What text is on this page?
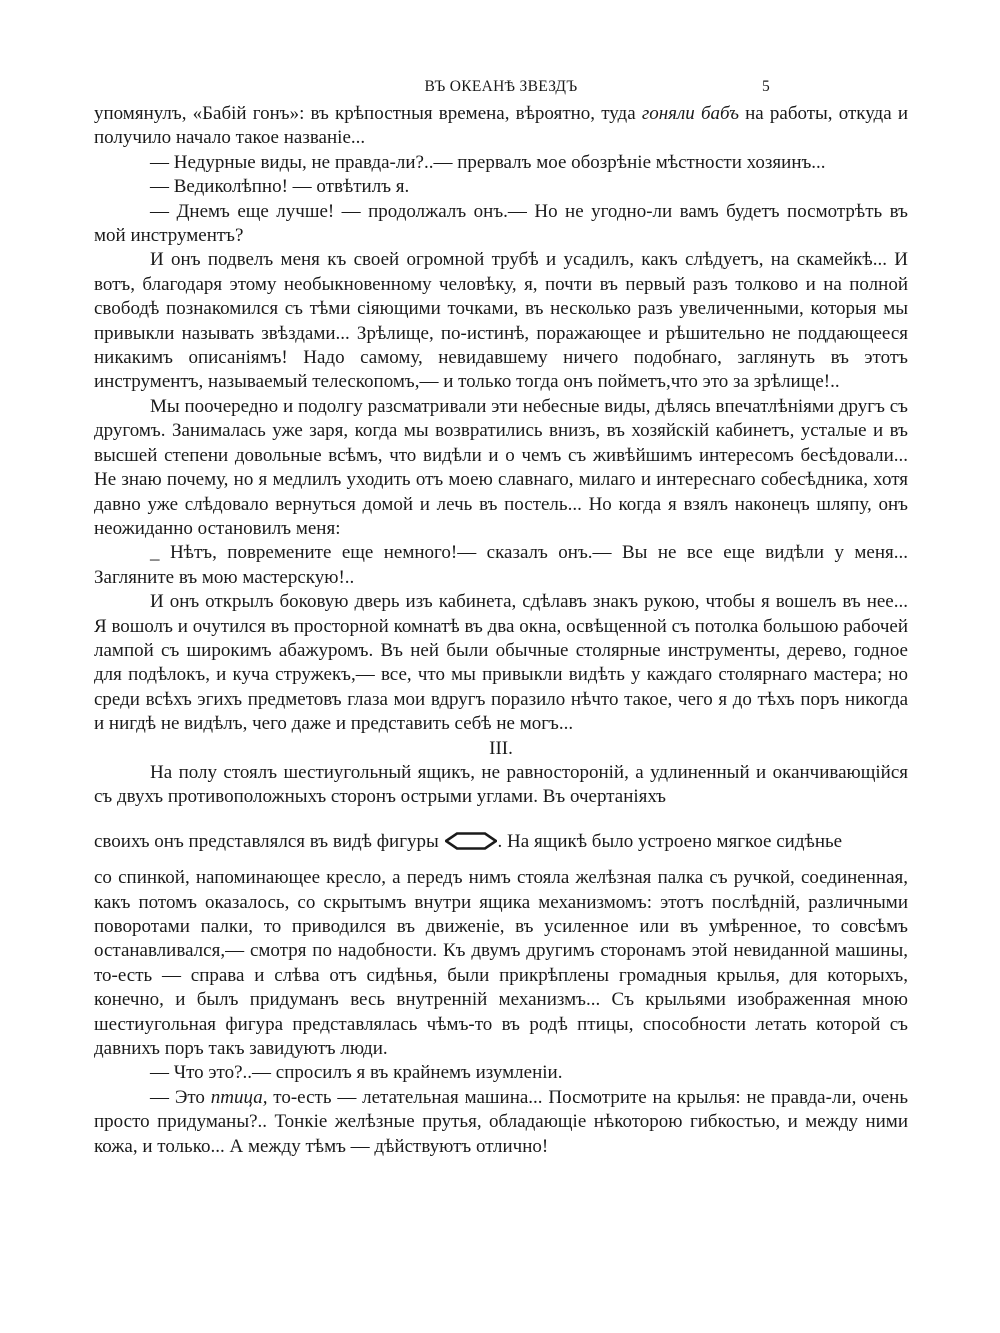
ВЪ ОКЕАНѢ ЗВЕЗДЪ	5

упомянулъ, «Бабій гонъ»: въ крѣпостныя времена, вѣроятно, туда гоняли бабъ на работы, откуда и получило начало такое названіе...

— Недурные виды, не правда-ли?..— прервалъ мое обозрѣніе мѣстности хозяинъ...

— Ведиколѣпно! — отвѣтилъ я.

— Днемъ еще лучше! — продолжалъ онъ.— Но не угодно-ли вамъ будетъ посмотрѣть въ мой инструментъ?

И онъ подвелъ меня къ своей огромной трубѣ и усадилъ, какъ слѣдуетъ, на скамейкѣ... И вотъ, благодаря этому необыкновенному человѣку, я, почти въ первый разъ толково и на полной свободѣ познакомился съ тѣми сіяющими точками, въ несколько разъ увеличенными, которыя мы привыкли называть звѣздами... Зрѣлище, по-истинѣ, поражающее и рѣшительно не поддающееся никакимъ описаніямъ! Надо самому, невидавшему ничего подобнаго, заглянуть въ этотъ инструментъ, называемый телескопомъ,— и только тогда онъ пойметъ,что это за зрѣлище!..

Мы поочередно и подолгу разсматривали эти небесные виды, дѣлясь впечатлѣніями другъ съ другомъ. Занималась уже заря, когда мы возвратились внизъ, въ хозяйскій кабинетъ, усталые и въ высшей степени довольные всѣмъ, что видѣли и о чемъ съ живѣйшимъ интересомъ бесѣдовали... Не знаю почему, но я медлилъ уходить отъ моею славнаго, милаго и интереснаго собесѣдника, хотя давно уже слѣдовало вернуться домой и лечь въ постель... Но когда я взялъ наконецъ шляпу, онъ неожиданно остановилъ меня:

_ Нѣтъ, повремените еще немного!— сказалъ онъ.— Вы не все еще видѣли у меня... Загляните въ мою мастерскую!..

И онъ открылъ боковую дверь изъ кабинета, сдѣлавъ знакъ рукою, чтобы я вошелъ въ нее... Я вошолъ и очутился въ просторной комнатѣ въ два окна, освѣщенной съ потолка большою рабочей лампой съ широкимъ абажуромъ. Въ ней были обычные столярные инструменты, дерево, годное для подѣлокъ, и куча стружекъ,— все, что мы привыкли видѣть у каждаго столярнаго мастера; но среди всѣхъ эгихъ предметовъ глаза мои вдругъ поразило нѣчто такое, чего я до тѣхъ поръ никогда и нигдѣ не видѣлъ, чего даже и представить себѣ не могъ...

III.

На полу стоялъ шестиугольный ящикъ, не равностороній, а удлиненный и оканчивающійся съ двухъ противоположныхъ сторонъ острыми углами. Въ очертаніяхъ

своихъ онъ представлялся въ видѣ фигуры	. На ящикѣ было устроено мягкое сидѣнье

со спинкой, напоминающее кресло, а передъ нимъ стояла желѣзная палка съ ручкой, соединенная, какъ потомъ оказалось, со скрытымъ внутри ящика механизмомъ: этотъ послѣдній, различными поворотами палки, то приводился въ движеніе, въ усиленное или въ умѣренное, то совсѣмъ останавливался,— смотря по надобности. Къ двумъ другимъ сторонамъ этой невиданной машины, то-есть — справа и слѣва отъ сидѣнья, были прикрѣплены громадныя крылья, для которыхъ, конечно, и былъ придуманъ весь внутренній механизмъ... Съ крыльями изображенная мною шестиугольная фигура представлялась чѣмъ-то въ родѣ птицы, способности летать которой съ давнихъ поръ такъ завидуютъ люди.

— Что это?..— спросилъ я въ крайнемъ изумленіи.

— Это птица, то-есть — летательная машина... Посмотрите на крылья: не правда-ли, очень просто придуманы?.. Тонкіе желѣзные прутья, обладающіе нѣкоторою гибкостью, и между ними кожа, и только... А между тѣмъ — дѣйствуютъ отлично!
